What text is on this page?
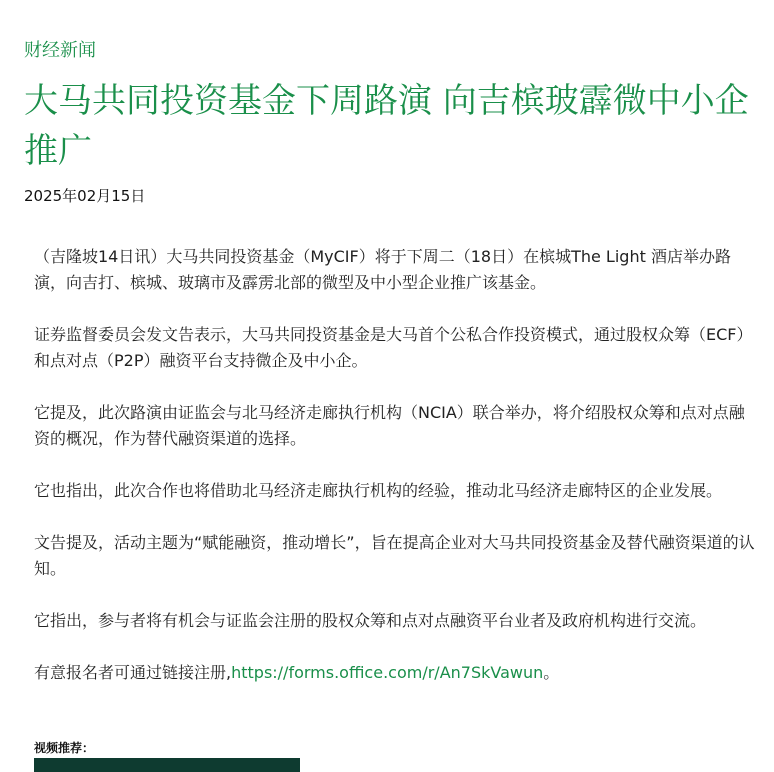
财经新闻
大马共同投资基金下周路演 向吉槟玻霹微中小企推广
2025年02月15日

（吉隆坡14日讯）大马共同投资基金（MyCIF）将于下周二（18日）在槟城The Light 酒店举办路演，向吉打、槟城、玻璃市及霹雳北部的微型及中小型企业推广该基金。

证券监督委员会发文告表示，大马共同投资基金是大马首个公私合作投资模式，通过股权众筹（ECF）和点对点（P2P）融资平台支持微企及中小企。

它提及，此次路演由证监会与北马经济走廊执行机构（NCIA）联合举办，将介绍股权众筹和点对点融资的概况，作为替代融资渠道的选择。

它也指出，此次合作也将借助北马经济走廊执行机构的经验，推动北马经济走廊特区的企业发展。

文告提及，活动主题为“赋能融资，推动增长”，旨在提高企业对大马共同投资基金及替代融资渠道的认知。

它指出，参与者将有机会与证监会注册的股权众筹和点对点融资平台业者及政府机构进行交流。

有意报名者可通过链接注册,https://forms.office.com/r/An7SkVawun。

视频推荐：
